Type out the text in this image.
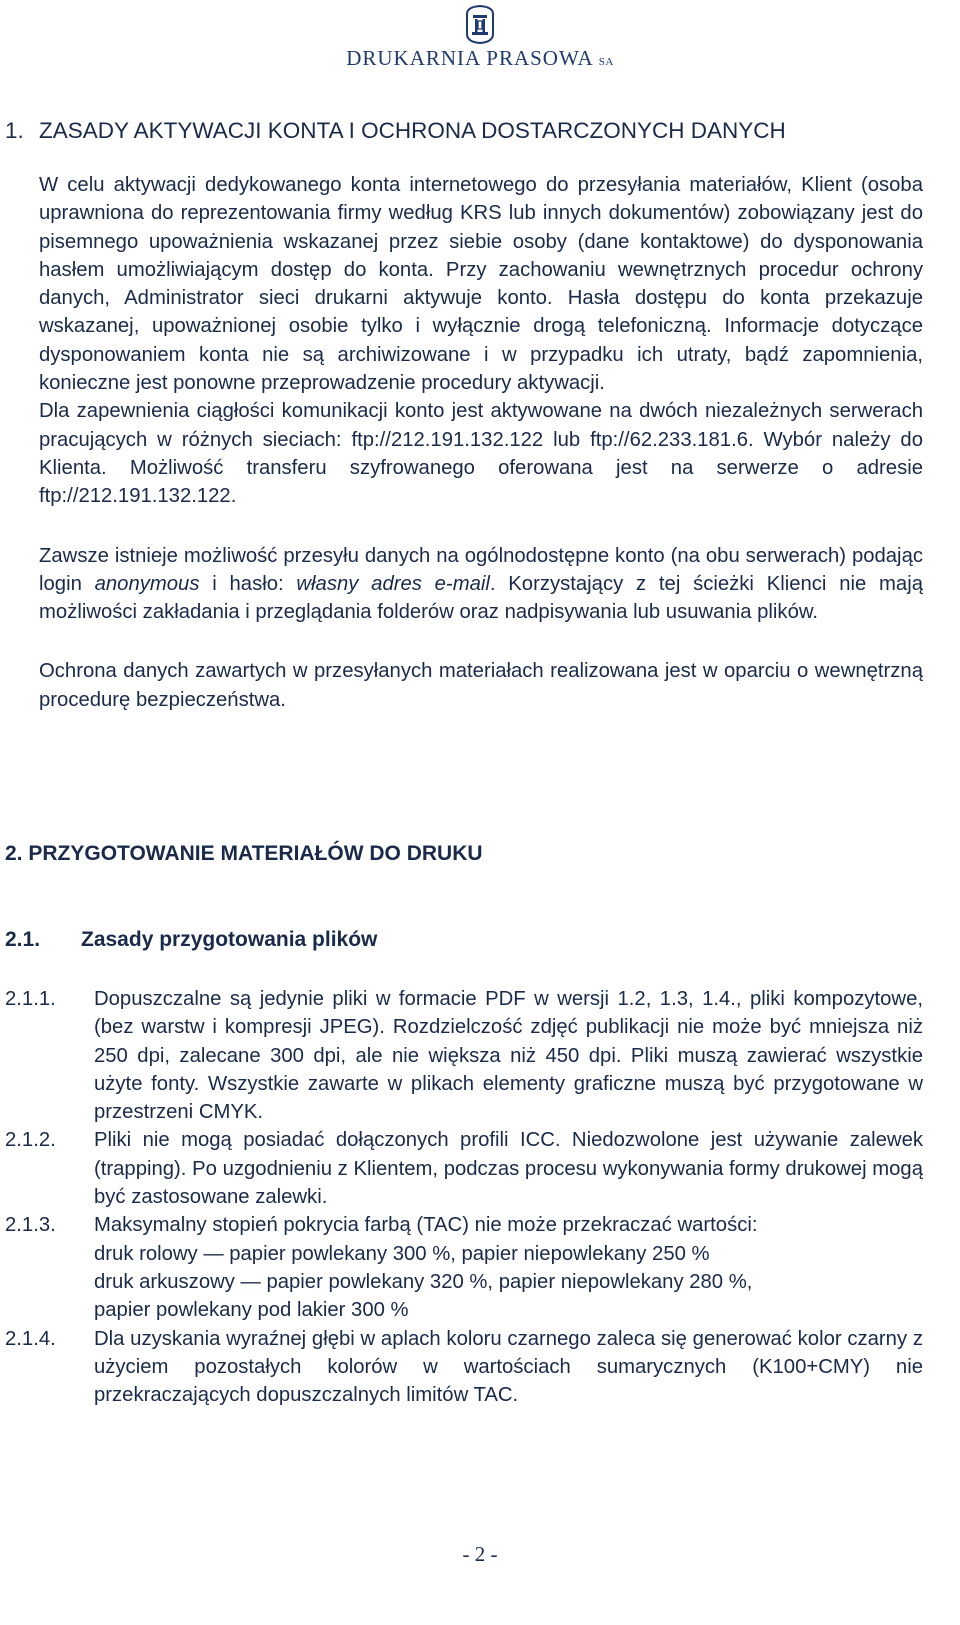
DRUKARNIA PRASOWA SA
1. ZASADY AKTYWACJI KONTA I OCHRONA DOSTARCZONYCH DANYCH

W celu aktywacji dedykowanego konta internetowego do przesyłania materiałów, Klient (osoba uprawniona do reprezentowania firmy według KRS lub innych dokumentów) zobowiązany jest do pisemnego upoważnienia wskazanej przez siebie osoby (dane kontaktowe) do dysponowania hasłem umożliwiającym dostęp do konta. Przy zachowaniu wewnętrznych procedur ochrony danych, Administrator sieci drukarni aktywuje konto. Hasła dostępu do konta przekazuje wskazanej, upoważnionej osobie tylko i wyłącznie drogą telefoniczną. Informacje dotyczące dysponowaniem konta nie są archiwizowane i w przypadku ich utraty, bądź zapomnienia, konieczne jest ponowne przeprowadzenie procedury aktywacji.

Dla zapewnienia ciągłości komunikacji konto jest aktywowane na dwóch niezależnych serwerach pracujących w różnych sieciach: ftp://212.191.132.122 lub ftp://62.233.181.6. Wybór należy do Klienta. Możliwość transferu szyfrowanego oferowana jest na serwerze o adresie ftp://212.191.132.122.

Zawsze istnieje możliwość przesyłu danych na ogólnodostępne konto (na obu serwerach) podając login anonymous i hasło: własny adres e-mail. Korzystający z tej ścieżki Klienci nie mają możliwości zakładania i przeglądania folderów oraz nadpisywania lub usuwania plików.

Ochrona danych zawartych w przesyłanych materiałach realizowana jest w oparciu o wewnętrzną procedurę bezpieczeństwa.

2. PRZYGOTOWANIE MATERIAŁÓW DO DRUKU
2.1. Zasady przygotowania plików
2.1.1.	Dopuszczalne są jedynie pliki w formacie PDF w wersji 1.2, 1.3, 1.4., pliki kompozytowe, (bez warstw i kompresji JPEG). Rozdzielczość zdjęć publikacji nie może być mniejsza niż 250 dpi, zalecane 300 dpi, ale nie większa niż 450 dpi. Pliki muszą zawierać wszystkie użyte fonty. Wszystkie zawarte w plikach elementy graficzne muszą być przygotowane w przestrzeni CMYK.
2.1.2.	Pliki nie mogą posiadać dołączonych profili ICC. Niedozwolone jest używanie zalewek (trapping). Po uzgodnieniu z Klientem, podczas procesu wykonywania formy drukowej mogą być zastosowane zalewki.
2.1.3.	Maksymalny stopień pokrycia farbą (TAC) nie może przekraczać wartości:
druk rolowy — papier powlekany 300 %, papier niepowlekany 250 %
druk arkuszowy — papier powlekany 320 %, papier niepowlekany 280 %,
papier powlekany pod lakier 300 %
2.1.4.	Dla uzyskania wyraźnej głębi w aplach koloru czarnego zaleca się generować kolor czarny z użyciem pozostałych kolorów w wartościach sumarycznych (K100+CMY) nie przekraczających dopuszczalnych limitów TAC.
- 2 -
